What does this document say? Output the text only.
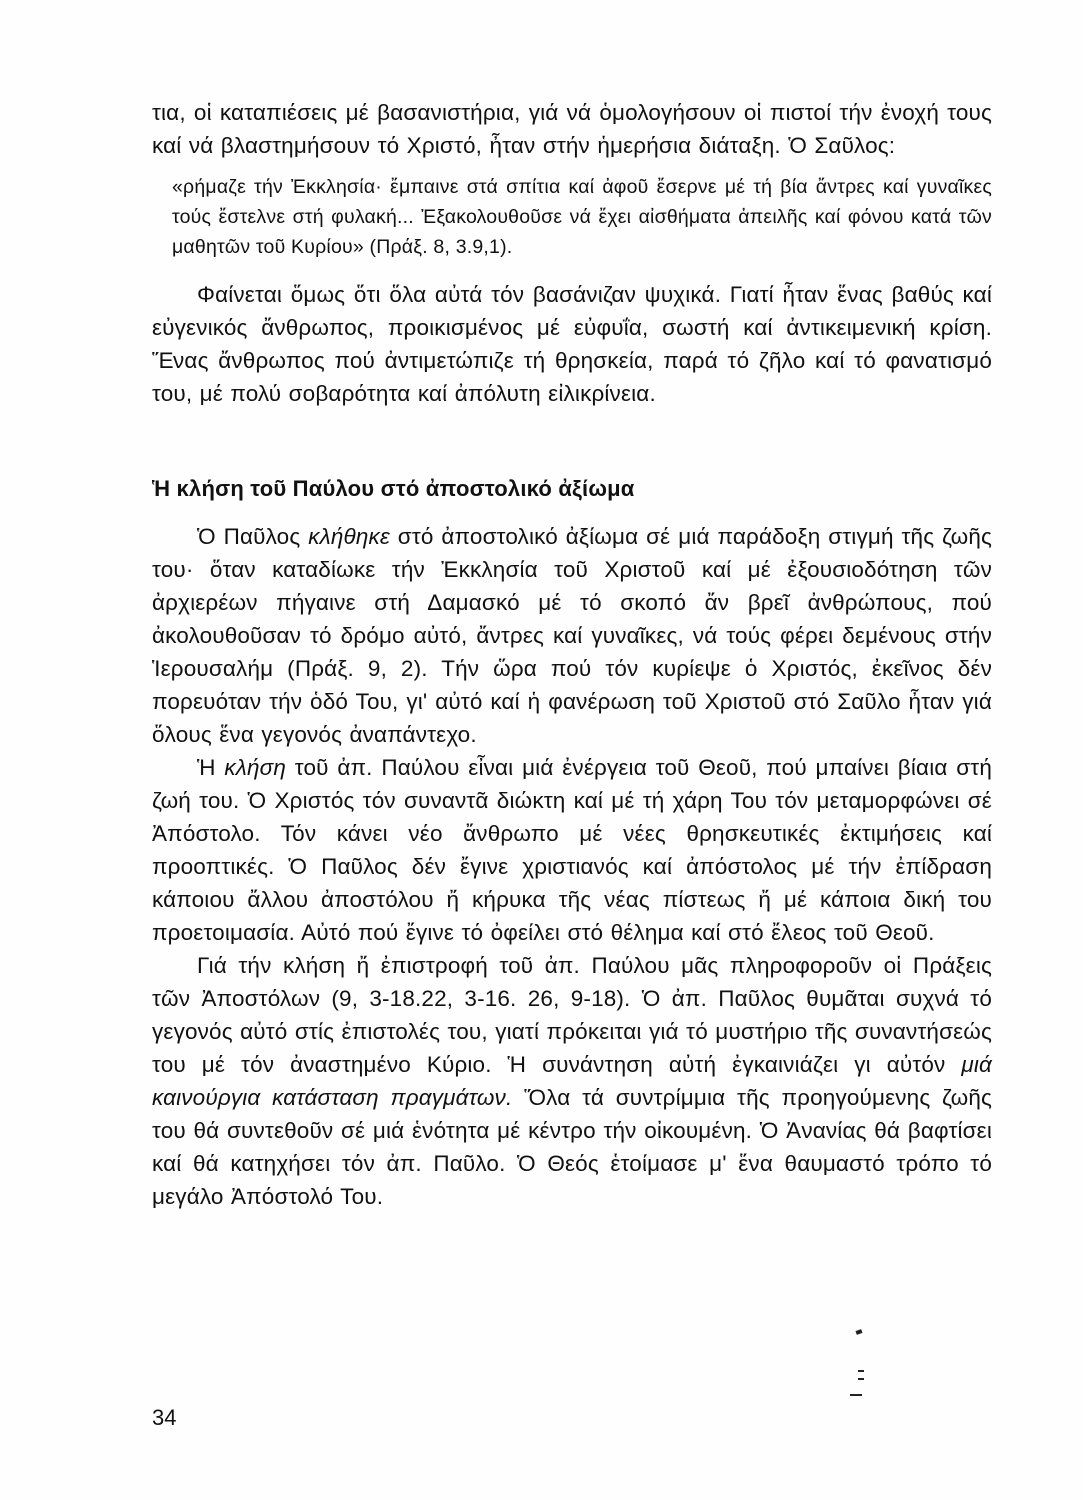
τια, οἱ καταπιέσεις μέ βασανιστήρια, γιά νά ὁμολογήσουν οἱ πιστοί τήν ἐνοχή τους καί νά βλαστημήσουν τό Χριστό, ἦταν στήν ἡμερήσια διάταξη. Ὁ Σαῦλος:

«ρήμαζε τήν Ἐκκλησία· ἔμπαινε στά σπίτια καί ἀφοῦ ἔσερνε μέ τή βία ἄντρες καί γυναῖκες τούς ἔστελνε στή φυλακή... Ἐξακολουθοῦσε νά ἔχει αἰσθήματα ἀπειλῆς καί φόνου κατά τῶν μαθητῶν τοῦ Κυρίου» (Πράξ. 8, 3.9,1).

Φαίνεται ὅμως ὅτι ὅλα αὐτά τόν βασάνιζαν ψυχικά. Γιατί ἦταν ἕνας βαθύς καί εὐγενικός ἄνθρωπος, προικισμένος μέ εὐφυΐα, σωστή καί ἀντικειμενική κρίση. Ἕνας ἄνθρωπος πού ἀντιμετώπιζε τή θρησκεία, παρά τό ζῆλο καί τό φανατισμό του, μέ πολύ σοβαρότητα καί ἀπόλυτη εἰλικρίνεια.

Ἡ κλήση τοῦ Παύλου στό ἀποστολικό ἀξίωμα

Ὁ Παῦλος κλήθηκε στό ἀποστολικό ἀξίωμα σέ μιά παράδοξη στιγμή τῆς ζωῆς του· ὅταν καταδίωκε τήν Ἐκκλησία τοῦ Χριστοῦ καί μέ ἐξουσιοδότηση τῶν ἀρχιερέων πήγαινε στή Δαμασκό μέ τό σκοπό ἄν βρεῖ ἀνθρώπους, πού ἀκολουθοῦσαν τό δρόμο αὐτό, ἄντρες καί γυναῖκες, νά τούς φέρει δεμένους στήν Ἱερουσαλήμ (Πράξ. 9, 2). Τήν ὥρα πού τόν κυρίεψε ὁ Χριστός, ἐκεῖνος δέν πορευόταν τήν ὁδό Του, γι' αὐτό καί ἡ φανέρωση τοῦ Χριστοῦ στό Σαῦλο ἦταν γιά ὅλους ἕνα γεγονός ἀναπάντεχο.

Ἡ κλήση τοῦ ἀπ. Παύλου εἶναι μιά ἐνέργεια τοῦ Θεοῦ, πού μπαίνει βίαια στή ζωή του. Ὁ Χριστός τόν συναντᾶ διώκτη καί μέ τή χάρη Του τόν μεταμορφώνει σέ Ἀπόστολο. Τόν κάνει νέο ἄνθρωπο μέ νέες θρησκευτικές ἐκτιμήσεις καί προοπτικές. Ὁ Παῦλος δέν ἔγινε χριστιανός καί ἀπόστολος μέ τήν ἐπίδραση κάποιου ἄλλου ἀποστόλου ἤ κήρυκα τῆς νέας πίστεως ἤ μέ κάποια δική του προετοιμασία. Αὐτό πού ἔγινε τό ὀφείλει στό θέλημα καί στό ἔλεος τοῦ Θεοῦ.

Γιά τήν κλήση ἤ ἐπιστροφή τοῦ ἀπ. Παύλου μᾶς πληροφοροῦν οἱ Πράξεις τῶν Ἀποστόλων (9, 3-18.22, 3-16. 26, 9-18). Ὁ ἀπ. Παῦλος θυμᾶται συχνά τό γεγονός αὐτό στίς ἐπιστολές του, γιατί πρόκειται γιά τό μυστήριο τῆς συναντήσεώς του μέ τόν ἀναστημένο Κύριο. Ἡ συνάντηση αὐτή ἐγκαινιάζει γι αὐτόν μιά καινούργια κατάσταση πραγμάτων. Ὅλα τά συντρίμμια τῆς προηγούμενης ζωῆς του θά συντεθοῦν σέ μιά ἑνότητα μέ κέντρο τήν οἰκουμένη. Ὁ Ἀνανίας θά βαφτίσει καί θά κατηχήσει τόν ἀπ. Παῦλο. Ὁ Θεός ἑτοίμασε μ' ἕνα θαυμαστό τρόπο τό μεγάλο Ἀπόστολό Του.

34
